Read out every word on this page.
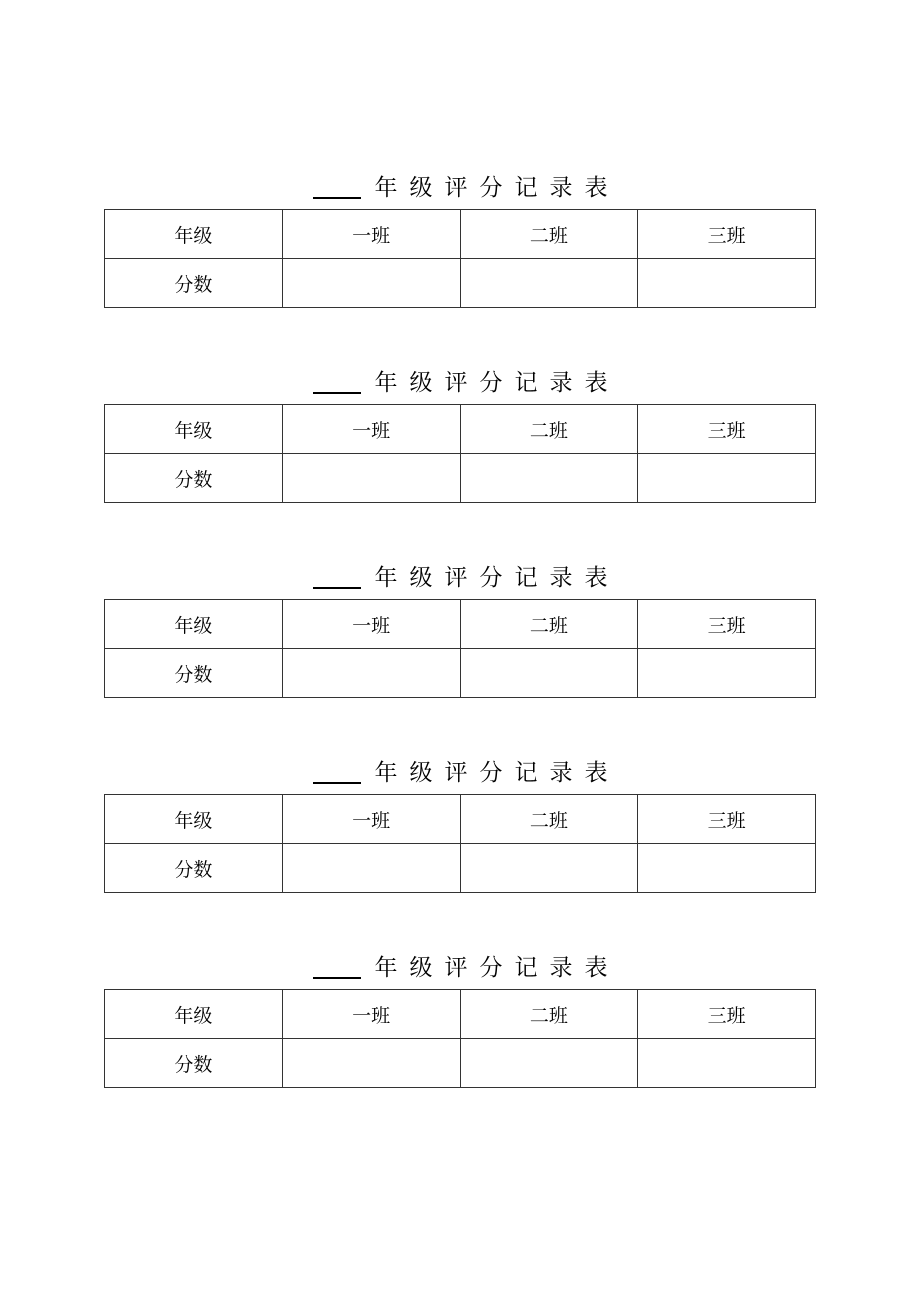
年级评分记录表
年级	一班	二班	三班
分数			
年级评分记录表
年级	一班	二班	三班
分数			
年级评分记录表
年级	一班	二班	三班
分数			
年级评分记录表
年级	一班	二班	三班
分数			
年级评分记录表
年级	一班	二班	三班
分数			
